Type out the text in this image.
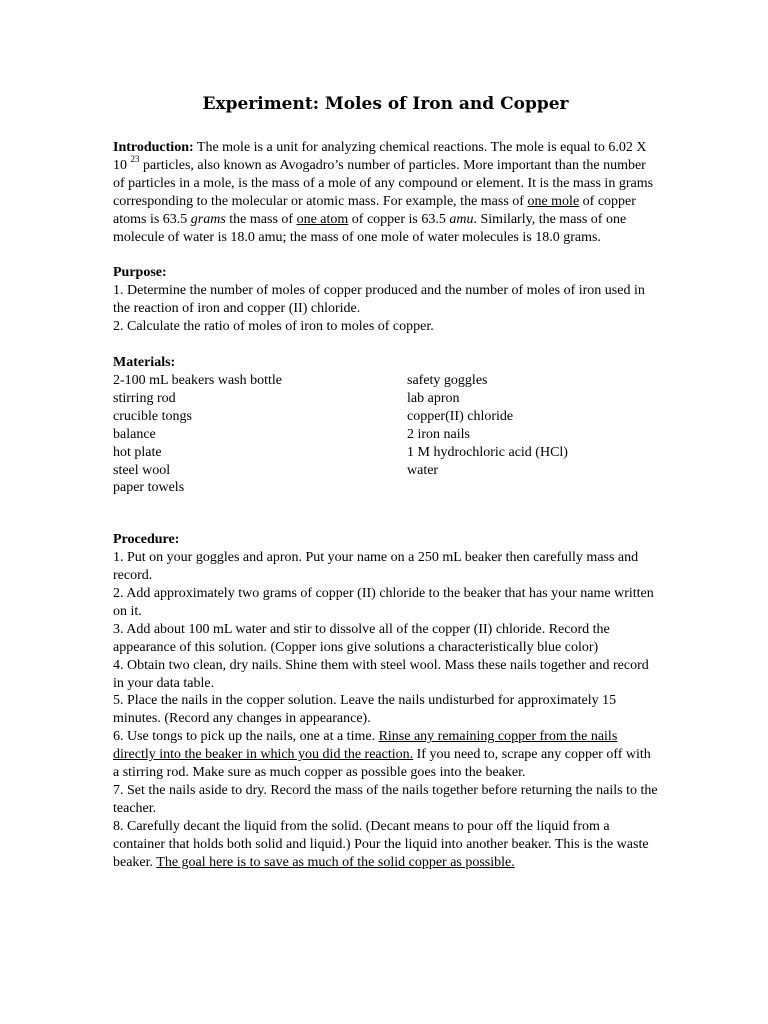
Experiment: Moles of Iron and Copper

Introduction: The mole is a unit for analyzing chemical reactions. The mole is equal to 6.02 X 10 $^{23}$ particles, also known as Avogadro’s number of particles. More important than the number of particles in a mole, is the mass of a mole of any compound or element. It is the mass in grams corresponding to the molecular or atomic mass. For example, the mass of one mole of copper atoms is 63.5 grams the mass of one atom of copper is 63.5 amu. Similarly, the mass of one molecule of water is 18.0 amu; the mass of one mole of water molecules is 18.0 grams.

Purpose:

1. Determine the number of moles of copper produced and the number of moles of iron used in the reaction of iron and copper (II) chloride.

2. Calculate the ratio of moles of iron to moles of copper.

Materials:

2-100 mL beakers wash bottle
stirring rod
crucible tongs
balance
hot plate
steel wool
paper towels
safety goggles
lab apron
copper(II) chloride
2 iron nails
1 M hydrochloric acid (HCl)
water

Procedure:

1. Put on your goggles and apron. Put your name on a 250 mL beaker then carefully mass and record.

2. Add approximately two grams of copper (II) chloride to the beaker that has your name written on it.

3. Add about 100 mL water and stir to dissolve all of the copper (II) chloride. Record the appearance of this solution. (Copper ions give solutions a characteristically blue color)

4. Obtain two clean, dry nails. Shine them with steel wool. Mass these nails together and record in your data table.

5. Place the nails in the copper solution. Leave the nails undisturbed for approximately 15 minutes. (Record any changes in appearance).

6. Use tongs to pick up the nails, one at a time. Rinse any remaining copper from the nails directly into the beaker in which you did the reaction. If you need to, scrape any copper off with a stirring rod. Make sure as much copper as possible goes into the beaker.

7. Set the nails aside to dry. Record the mass of the nails together before returning the nails to the teacher.

8. Carefully decant the liquid from the solid. (Decant means to pour off the liquid from a container that holds both solid and liquid.) Pour the liquid into another beaker. This is the waste beaker. The goal here is to save as much of the solid copper as possible.
